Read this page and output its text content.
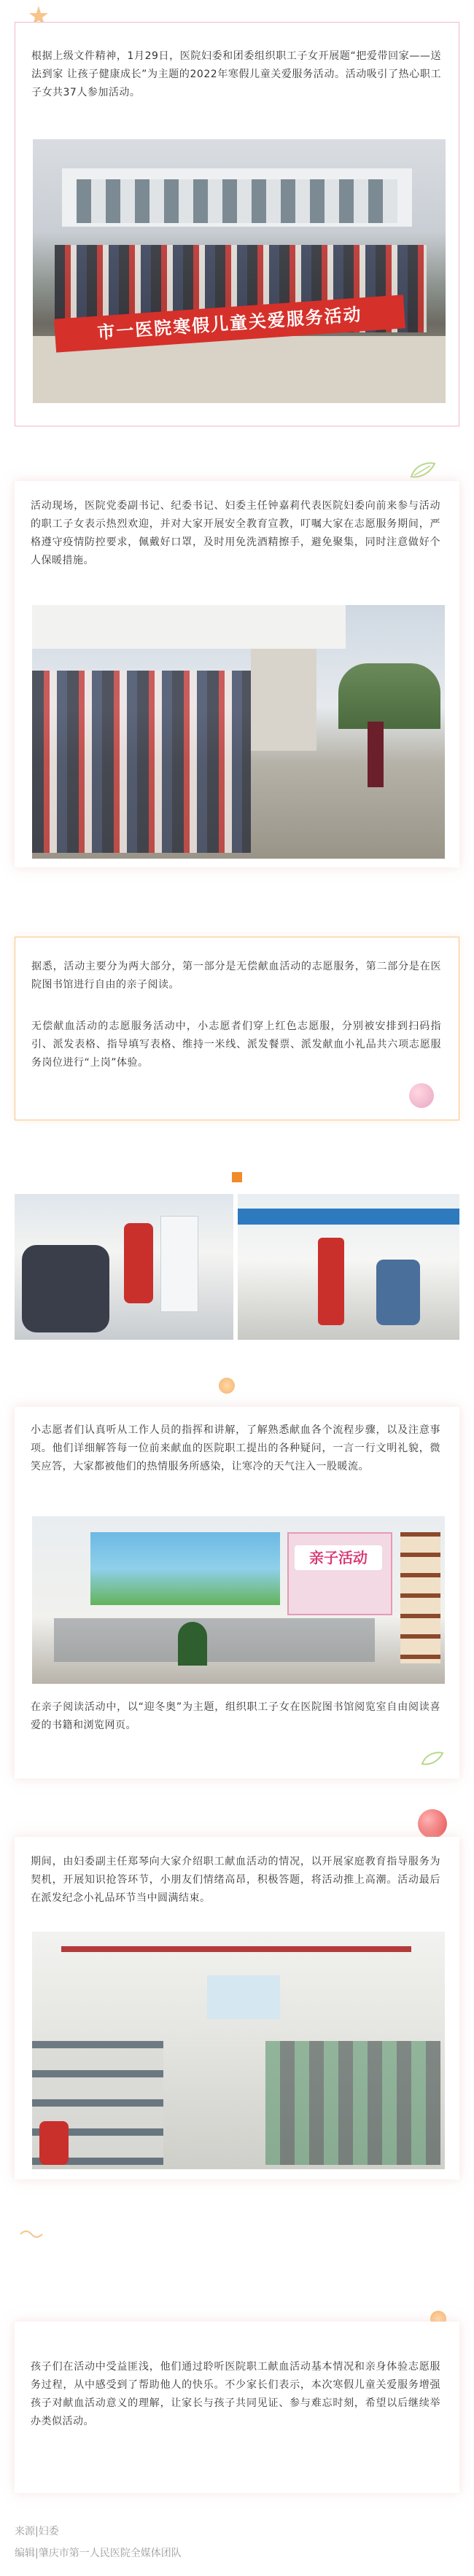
根据上级文件精神，1月29日，医院妇委和团委组织职工子女开展题“把爱带回家——送法到家 让孩子健康成长”为主题的2022年寒假儿童关爱服务活动。活动吸引了热心职工子女共37人参加活动。

市一医院寒假儿童关爱服务活动

活动现场，医院党委副书记、纪委书记、妇委主任钟嘉莉代表医院妇委向前来参与活动的职工子女表示热烈欢迎，并对大家开展安全教育宣教，叮嘱大家在志愿服务期间，严格遵守疫情防控要求，佩戴好口罩，及时用免洗酒精擦手，避免聚集，同时注意做好个人保暖措施。

据悉，活动主要分为两大部分，第一部分是无偿献血活动的志愿服务，第二部分是在医院图书馆进行自由的亲子阅读。

无偿献血活动的志愿服务活动中，小志愿者们穿上红色志愿服，分别被安排到扫码指引、派发表格、指导填写表格、维持一米线、派发餐票、派发献血小礼品共六项志愿服务岗位进行“上岗”体验。

小志愿者们认真听从工作人员的指挥和讲解，了解熟悉献血各个流程步骤，以及注意事项。他们详细解答每一位前来献血的医院职工提出的各种疑问，一言一行文明礼貌，微笑应答，大家都被他们的热情服务所感染，让寒冷的天气注入一股暖流。

亲子活动

在亲子阅读活动中，以“迎冬奥”为主题，组织职工子女在医院图书馆阅览室自由阅读喜爱的书籍和浏览网页。

期间，由妇委副主任郑琴向大家介绍职工献血活动的情况，以开展家庭教育指导服务为契机，开展知识抢答环节，小朋友们情绪高昂，积极答题，将活动推上高潮。活动最后在派发纪念小礼品环节当中圆满结束。

孩子们在活动中受益匪浅，他们通过聆听医院职工献血活动基本情况和亲身体验志愿服务过程，从中感受到了帮助他人的快乐。不少家长们表示，本次寒假儿童关爱服务增强孩子对献血活动意义的理解，让家长与孩子共同见证、参与难忘时刻，希望以后继续举办类似活动。

来源|妇委
编辑|肇庆市第一人民医院全媒体团队
